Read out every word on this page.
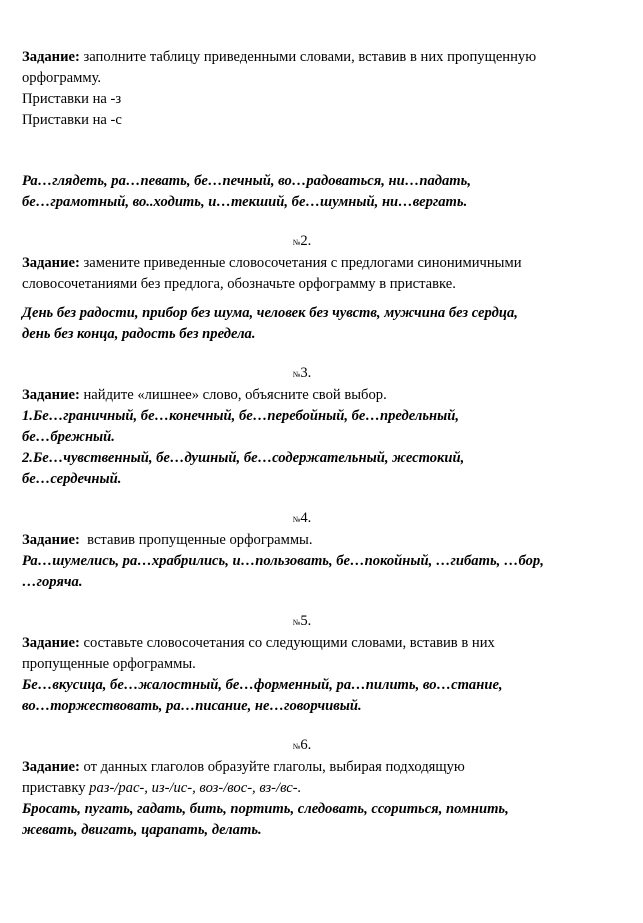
Задание: заполните таблицу приведенными словами, вставив в них пропущенную
орфограмму.
Приставки на -з
Приставки на -с
Ра…глядеть, ра…певать, бе…печный, во…радоваться, ни…падать,
бе…грамотный, во..ходить, и…текший, бе…шумный, ни…вергать.
№2.
Задание: замените приведенные словосочетания с предлогами синонимичными
словосочетаниями без предлога, обозначьте орфограмму в приставке.
День без радости, прибор без шума, человек без чувств, мужчина без сердца,
день без конца, радость без предела.
№3.
Задание: найдите «лишнее» слово, объясните свой выбор.
1.Бе…граничный, бе…конечный, бе…перебойный, бе…предельный,
бе…брежный.
2.Бе…чувственный, бе…душный, бе…содержательный, жестокий,
бе…сердечный.
№4.
Задание:  вставив пропущенные орфограммы.
Ра…шумелись, ра…храбрились, и…пользовать, бе…покойный, …гибать, …бор,
…горяча.
№5.
Задание: составьте словосочетания со следующими словами, вставив в них
пропущенные орфограммы.
Бе…вкусица, бе…жалостный, бе…форменный, ра…пилить, во…стание,
во…торжествовать, ра…писание, не…говорчивый.
№6.
Задание: от данных глаголов образуйте глаголы, выбирая подходящую
приставку раз-/рас-, из-/ис-, воз-/вос-, вз-/вс-.
Бросать, пугать, гадать, бить, портить, следовать, ссориться, помнить,
жевать, двигать, царапать, делать.
